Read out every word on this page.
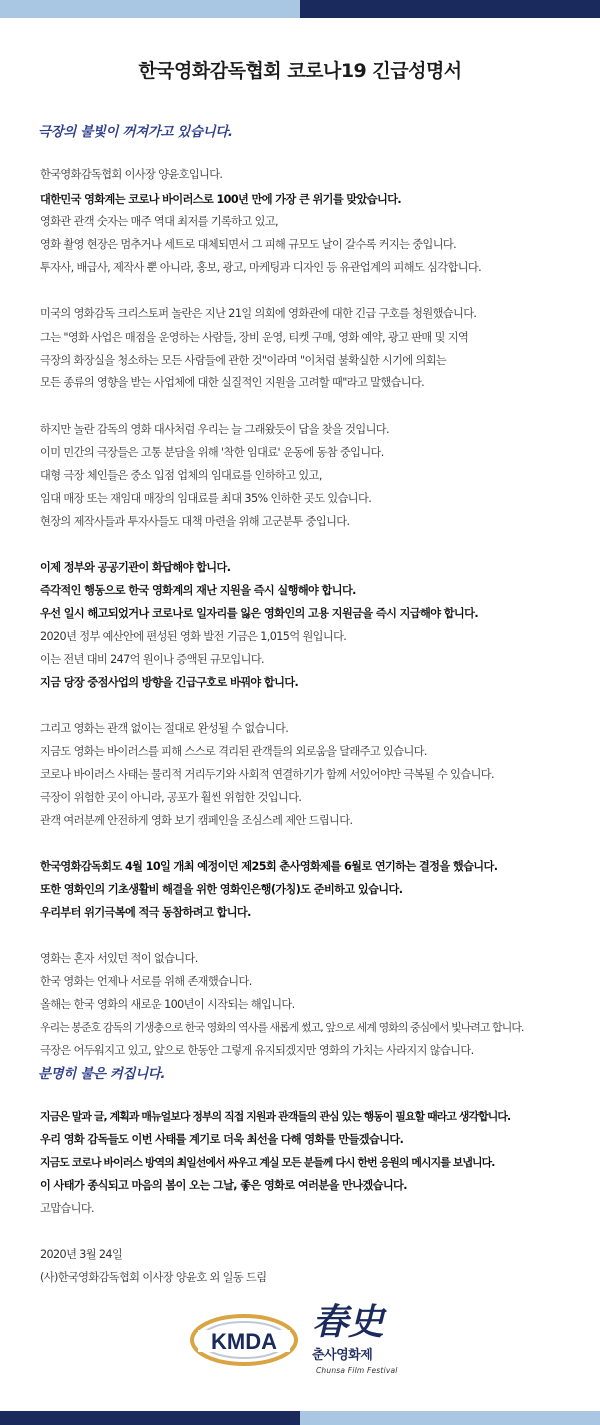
한국영화감독협회 코로나19 긴급성명서
극장의 불빛이 꺼져가고 있습니다.
한국영화감독협회 이사장 양윤호입니다.
대한민국 영화계는 코로나 바이러스로 100년 만에 가장 큰 위기를 맞았습니다.
영화관 관객 숫자는 매주 역대 최저를 기록하고 있고,
영화 촬영 현장은 멈추거나 세트로 대체되면서 그 피해 규모도 날이 갈수록 커지는 중입니다.
투자사, 배급사, 제작사 뿐 아니라, 홍보, 광고, 마케팅과 디자인 등 유관업계의 피해도 심각합니다.
미국의 영화감독 크리스토퍼 놀란은 지난 21일 의회에 영화관에 대한 긴급 구호를 청원했습니다.
그는 "영화 사업은 매점을 운영하는 사람들, 장비 운영, 티켓 구매, 영화 예약, 광고 판매 및 지역
극장의 화장실을 청소하는 모든 사람들에 관한 것"이라며 "이처럼 불확실한 시기에 의회는
모든 종류의 영향을 받는 사업체에 대한 실질적인 지원을 고려할 때"라고 말했습니다.
하지만 놀란 감독의 영화 대사처럼 우리는 늘 그래왔듯이 답을 찾을 것입니다.
이미 민간의 극장들은 고통 분담을 위해 '착한 임대료' 운동에 동참 중입니다.
대형 극장 체인들은 중소 입점 업체의 임대료를 인하하고 있고,
임대 매장 또는 재임대 매장의 임대료를 최대 35% 인하한 곳도 있습니다.
현장의 제작사들과 투자사들도 대책 마련을 위해 고군분투 중입니다.
이제 정부와 공공기관이 화답해야 합니다.
즉각적인 행동으로 한국 영화계의 재난 지원을 즉시 실행해야 합니다.
우선 일시 해고되었거나 코로나로 일자리를 잃은 영화인의 고용 지원금을 즉시 지급해야 합니다.
2020년 정부 예산안에 편성된 영화 발전 기금은 1,015억 원입니다.
이는 전년 대비 247억 원이나 증액된 규모입니다.
지금 당장 중점사업의 방향을 긴급구호로 바꿔야 합니다.
그리고 영화는 관객 없이는 절대로 완성될 수 없습니다.
지금도 영화는 바이러스를 피해 스스로 격리된 관객들의 외로움을 달래주고 있습니다.
코로나 바이러스 사태는 물리적 거리두기와 사회적 연결하기가 함께 서있어야만 극복될 수 있습니다.
극장이 위험한 곳이 아니라, 공포가 훨씬 위험한 것입니다.
관객 여러분께 안전하게 영화 보기 캠페인을 조심스레 제안 드립니다.
한국영화감독회도 4월 10일 개최 예정이던 제25회 춘사영화제를 6월로 연기하는 결정을 했습니다.
또한 영화인의 기초생활비 해결을 위한 영화인은행(가칭)도 준비하고 있습니다.
우리부터 위기극복에 적극 동참하려고 합니다.
영화는 혼자 서있던 적이 없습니다.
한국 영화는 언제나 서로를 위해 존재했습니다.
올해는 한국 영화의 새로운 100년이 시작되는 해입니다.
우리는 봉준호 감독의 기생충으로 한국 영화의 역사를 새롭게 썼고, 앞으로 세계 영화의 중심에서 빛나려고 합니다.
극장은 어두워지고 있고, 앞으로 한동안 그렇게 유지되겠지만 영화의 가치는 사라지지 않습니다.
분명히 불은 켜집니다.
지금은 말과 글, 계획과 매뉴얼보다 정부의 직접 지원과 관객들의 관심 있는 행동이 필요할 때라고 생각합니다.
우리 영화 감독들도 이번 사태를 계기로 더욱 최선을 다해 영화를 만들겠습니다.
지금도 코로나 바이러스 방역의 최일선에서 싸우고 계실 모든 분들께 다시 한번 응원의 메시지를 보냅니다.
이 사태가 종식되고 마음의 봄이 오는 그날, 좋은 영화로 여러분을 만나겠습니다.
고맙습니다.
2020년 3월 24일
(사)한국영화감독협회 이사장 양윤호 외 일동 드림
KMDA 春史
춘사영화제
Chunsa Film Festival
